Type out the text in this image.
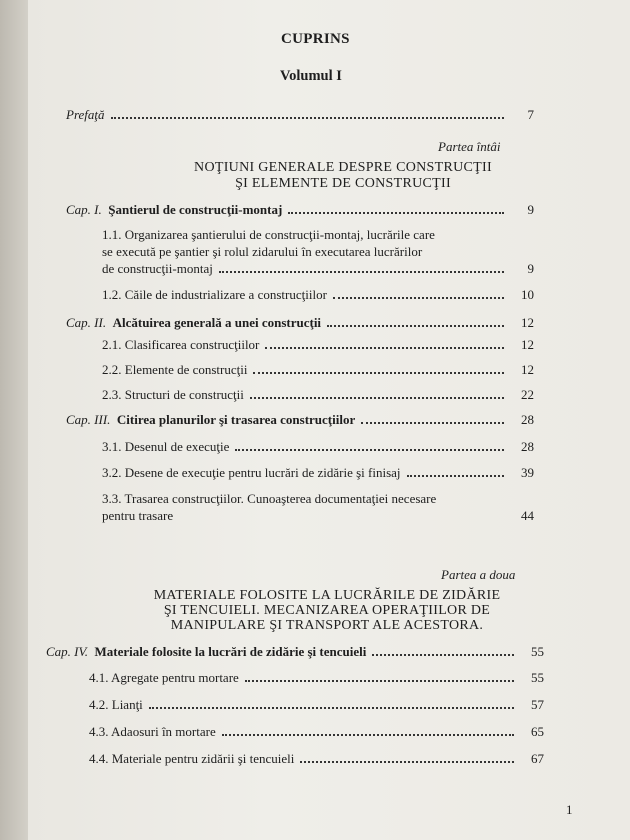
CUPRINS
Volumul I
Prefaţă	7
Partea întâi
NOŢIUNI GENERALE DESPRE CONSTRUCŢII
ŞI ELEMENTE DE CONSTRUCŢII
Cap. I. Şantierul de construcţii-montaj	9
1.1. Organizarea şantierului de construcţii-montaj, lucrările care
se execută pe şantier şi rolul zidarului în executarea lucrărilor
de construcţii-montaj	9
1.2. Căile de industrializare a construcţiilor	10
Cap. II. Alcătuirea generală a unei construcţii	12
2.1. Clasificarea construcţiilor	12
2.2. Elemente de construcţii	12
2.3. Structuri de construcţii	22
Cap. III. Citirea planurilor şi trasarea construcţiilor	28
3.1. Desenul de execuţie	28
3.2. Desene de execuţie pentru lucrări de zidărie şi finisaj	39
3.3. Trasarea construcţiilor. Cunoaşterea documentaţiei necesare
pentru trasare	44
Partea a doua
MATERIALE FOLOSITE LA LUCRĂRILE DE ZIDĂRIE
ŞI TENCUIELI. MECANIZAREA OPERAŢIILOR DE
MANIPULARE ŞI TRANSPORT ALE ACESTORA.
Cap. IV. Materiale folosite la lucrări de zidărie şi tencuieli	55
4.1. Agregate pentru mortare	55
4.2. Lianţi	57
4.3. Adaosuri în mortare	65
4.4. Materiale pentru zidării şi tencuieli	67
1
